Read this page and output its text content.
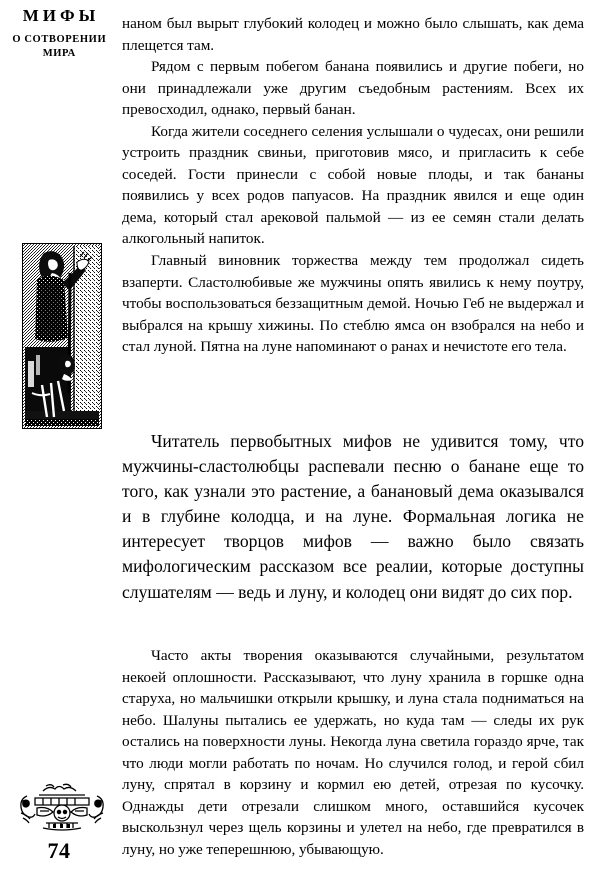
МИФЫ
О СОТВОРЕНИИ
МИРА
74

наном был вырыт глубокий колодец и можно было слышать, как дема плещется там.

Рядом с первым побегом банана появились и другие побеги, но они принадлежали уже другим съедобным растениям. Всех их превосходил, однако, первый банан.

Когда жители соседнего селения услышали о чудесах, они решили устроить праздник свиньи, приготовив мясо, и пригласить к себе соседей. Гости принесли с собой новые плоды, и так бананы появились у всех родов папуасов. На праздник явился и еще один дема, который стал арековой пальмой — из ее семян стали делать алкогольный напиток.

Главный виновник торжества между тем продолжал сидеть взаперти. Сластолюбивые же мужчины опять явились к нему поутру, чтобы воспользоваться беззащитным демой. Ночью Геб не выдержал и выбрался на крышу хижины. По стеблю ямса он взобрался на небо и стал луной. Пятна на луне напоминают о ранах и нечистоте его тела.

Читатель первобытных мифов не удивится тому, что мужчины-сластолюбцы распевали песню о банане еще то того, как узнали это растение, а банановый дема оказывался и в глубине колодца, и на луне. Формальная логика не интересует творцов мифов — важно было связать мифологическим рассказом все реалии, которые доступны слушателям — ведь и луну, и колодец они видят до сих пор.

Часто акты творения оказываются случайными, результатом некоей оплошности. Рассказывают, что луну хранила в горшке одна старуха, но мальчишки открыли крышку, и луна стала подниматься на небо. Шалуны пытались ее удержать, но куда там — следы их рук остались на поверхности луны. Некогда луна светила гораздо ярче, так что люди могли работать по ночам. Но случился голод, и герой сбил луну, спрятал в корзину и кормил ею детей, отрезая по кусочку. Однажды дети отрезали слишком много, оставшийся кусочек выскользнул через щель корзины и улетел на небо, где превратился в луну, но уже теперешнюю, убывающую.
